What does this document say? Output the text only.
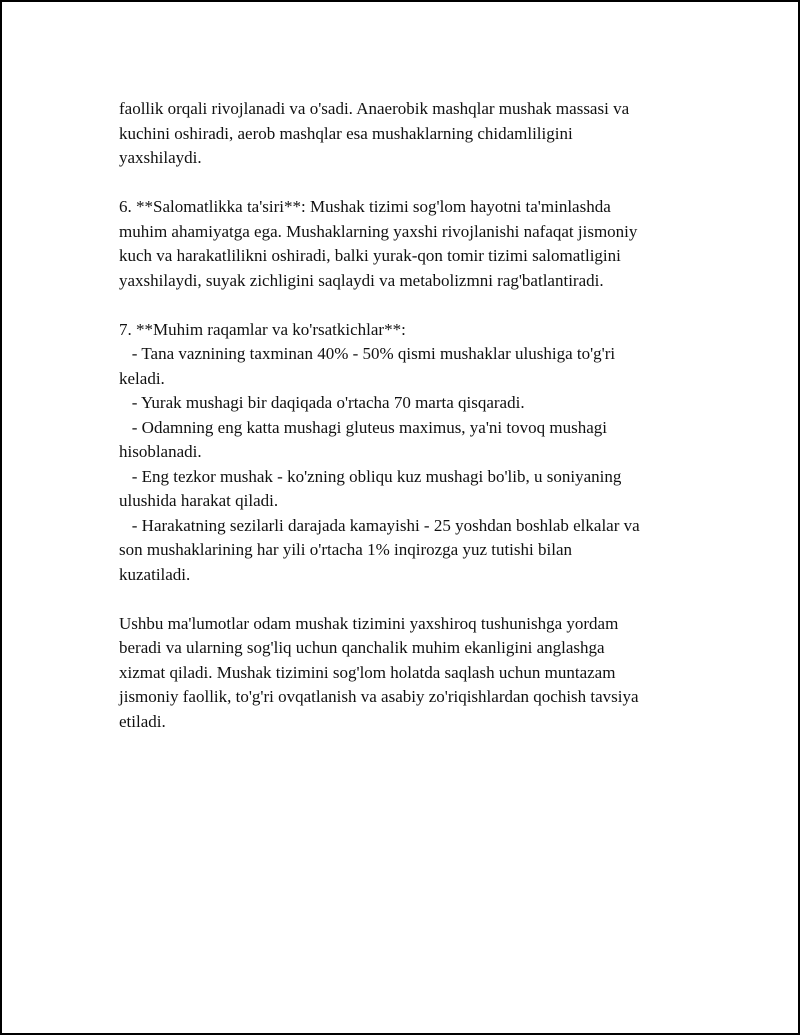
faollik orqali rivojlanadi va o'sadi. Anaerobik mashqlar mushak massasi va
kuchini oshiradi, aerob mashqlar esa mushaklarning chidamliligini
yaxshilaydi.
6. **Salomatlikka ta'siri**: Mushak tizimi sog'lom hayotni ta'minlashda
muhim ahamiyatga ega. Mushaklarning yaxshi rivojlanishi nafaqat jismoniy
kuch va harakatlilikni oshiradi, balki yurak-qon tomir tizimi salomatligini
yaxshilaydi, suyak zichligini saqlaydi va metabolizmni rag'batlantiradi.
7. **Muhim raqamlar va ko'rsatkichlar**:
- Tana vaznining taxminan 40% - 50% qismi mushaklar ulushiga to'g'ri
keladi.
- Yurak mushagi bir daqiqada o'rtacha 70 marta qisqaradi.
- Odamning eng katta mushagi gluteus maximus, ya'ni tovoq mushagi
hisoblanadi.
- Eng tezkor mushak - ko'zning obliqu kuz mushagi bo'lib, u soniyaning
ulushida harakat qiladi.
- Harakatning sezilarli darajada kamayishi - 25 yoshdan boshlab elkalar va
son mushaklarining har yili o'rtacha 1% inqirozga yuz tutishi bilan
kuzatiladi.
Ushbu ma'lumotlar odam mushak tizimini yaxshiroq tushunishga yordam
beradi va ularning sog'liq uchun qanchalik muhim ekanligini anglashga
xizmat qiladi. Mushak tizimini sog'lom holatda saqlash uchun muntazam
jismoniy faollik, to'g'ri ovqatlanish va asabiy zo'riqishlardan qochish tavsiya
etiladi.
